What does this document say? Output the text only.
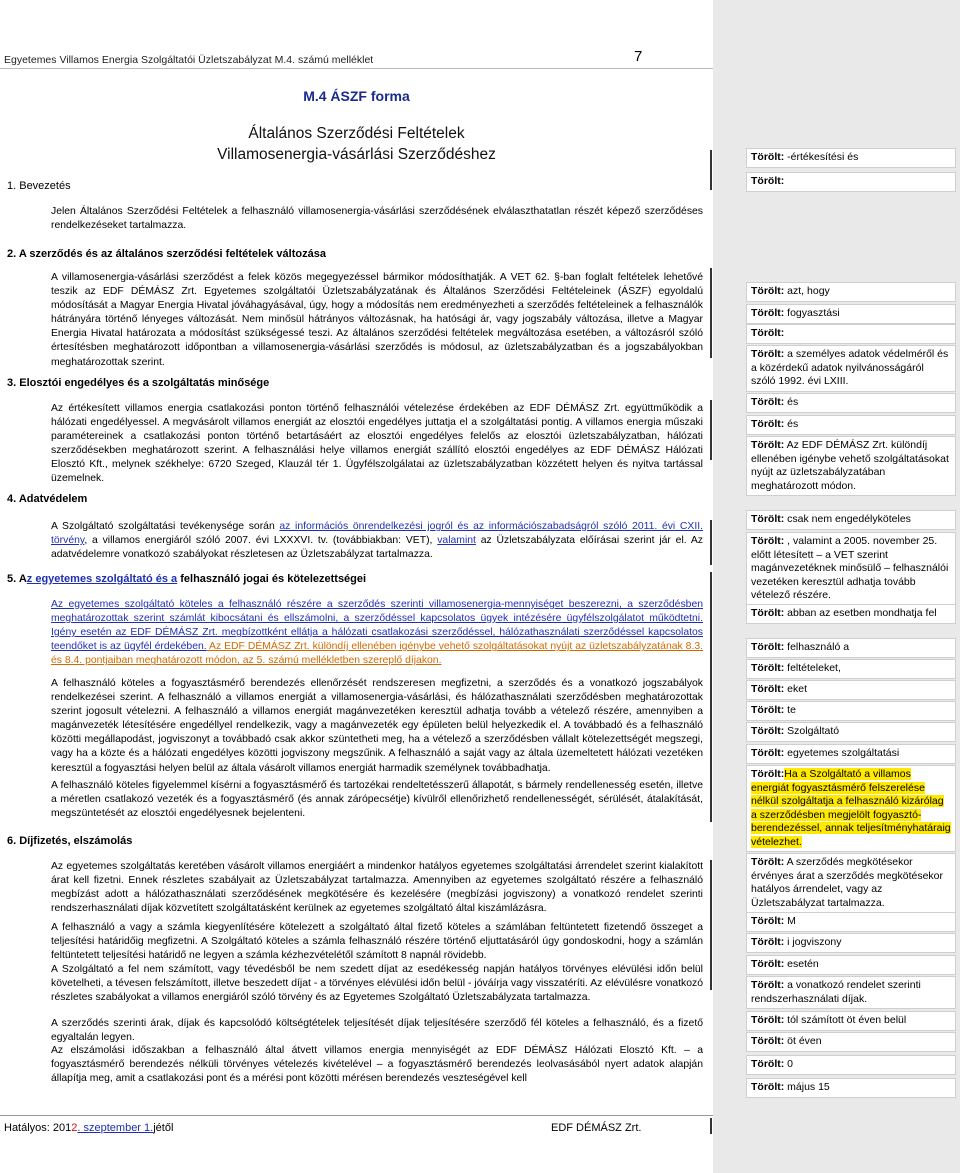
Egyetemes Villamos Energia Szolgáltatói Üzletszabályzat M.4. számú melléklet	7
M.4 ÁSZF forma
Általános Szerződési Feltételek
Villamosenergia-vásárlási Szerződéshez
1. Bevezetés
Jelen Általános Szerződési Feltételek a felhasználó villamosenergia-vásárlási szerződésének elválaszthatatlan részét képező szerződéses rendelkezéseket tartalmazza.
2. A szerződés és az általános szerződési feltételek változása
A villamosenergia-vásárlási szerződést a felek közös megegyezéssel bármikor módosíthatják. A VET 62. §-ban foglalt feltételek lehetővé teszik az EDF DÉMÁSZ Zrt. Egyetemes szolgáltatói Üzletszabályzatának és Általános Szerződési Feltételeinek (ÁSZF) egyoldalú módosítását a Magyar Energia Hivatal jóváhagyásával, úgy, hogy a módosítás nem eredményezheti a szerződés feltételeinek a felhasználók hátrányára történő lényeges változását. Nem minősül hátrányos változásnak, ha hatósági ár, vagy jogszabály változása, illetve a Magyar Energia Hivatal határozata a módosítást szükségessé teszi. Az általános szerződési feltételek megváltozása esetében, a változásról szóló értesítésben meghatározott időpontban a villamosenergia-vásárlási szerződés is módosul, az üzletszabályzatban és a jogszabályokban meghatározottak szerint.
3. Elosztói engedélyes és a szolgáltatás minősége
Az értékesített villamos energia csatlakozási ponton történő felhasználói vételezése érdekében az EDF DÉMÁSZ Zrt. együttműködik a hálózati engedélyessel. A megvásárolt villamos energiát az elosztói engedélyes juttatja el a szolgáltatási pontig. A villamos energia műszaki paramétereinek a csatlakozási ponton történő betartásáért az elosztói engedélyes felelős az elosztói üzletszabályzatban, hálózati szerződésekben meghatározott szerint. A felhasználási helye villamos energiát szállító elosztói engedélyes az EDF DÉMÁSZ Hálózati Elosztó Kft., melynek székhelye: 6720 Szeged, Klauzál tér 1. Ügyfélszolgálatai az üzletszabályzatban közzétett helyen és nyitva tartással üzemelnek.
4. Adatvédelem
A Szolgáltató szolgáltatási tevékenysége során az információs önrendelkezési jogról és az információszabadságról szóló 2011. évi CXII. törvény, a villamos energiáról szóló 2007. évi LXXXVI. tv. (továbbiakban: VET), valamint az Üzletszabályzata előírásai szerint jár el. Az adatvédelemre vonatkozó szabályokat részletesen az Üzletszabályzat tartalmazza.
5. Az egyetemes szolgáltató és a felhasználó jogai és kötelezettségei
Az egyetemes szolgáltató köteles a felhasználó részére a szerződés szerinti villamosenergia-mennyiséget beszerezni, a szerződésben meghatározottak szerint számlát kibocsátani és ellszámolni, a szerződéssel kapcsolatos ügyek intézésére ügyfélszolgálatot működtetni. Igény esetén az EDF DÉMÁSZ Zrt. megbízottként ellátja a hálózati csatlakozási szerződéssel, hálózathasználati szerződéssel kapcsolatos teendőket is az ügyfél érdekében. Az EDF DÉMÁSZ Zrt. különdíj ellenében igénybe vehető szolgáltatásokat nyújt az üzletszabályzatának 8.3. és 8.4. pontjaiban meghatározott módon, az 5. számú mellékletben szereplő díjakon.
A felhasználó köteles a fogyasztásmérő berendezés ellenőrzését rendszeresen megfizetni, a szerződés és a vonatkozó jogszabályok rendelkezései szerint. A felhasználó a villamos energiát a villamosenergia-vásárlási, és hálózathasználati szerződésben meghatározottak szerint jogosult vételezni. A felhasználó a villamos energiát magánvezetéken keresztül adhatja tovább a vételező részére, amennyiben a magánvezeték létesítésére engedéllyel rendelkezik, vagy a magánvezeték egy épületen belül helyezkedik el. A továbbadó és a felhasználó közötti megállapodást, jogviszonyt a továbbadó csak akkor szüntetheti meg, ha a vételező a szerződésben vállalt kötelezettségét megszegi, vagy ha a közte és a hálózati engedélyes közötti jogviszony megszűnik. A felhasználó a saját vagy az általa üzemeltetett hálózati vezetéken keresztül a fogyasztási helyen belül az általa vásárolt villamos energiát harmadik személynek továbbadhatja.
A felhasználó köteles figyelemmel kísérni a fogyasztásmérő és tartozékai rendeltetésszerű állapotát, s bármely rendellenesség esetén, illetve a méretlen csatlakozó vezeték és a fogyasztásmérő (és annak zárópecsétje) kívülről ellenőrizhető rendellenességét, sérülését, átalakítását, megszüntetését az elosztói engedélyesnek bejelenteni.
6. Díjfizetés, elszámolás
Az egyetemes szolgáltatás keretében vásárolt villamos energiáért a mindenkor hatályos egyetemes szolgáltatási árrendelet szerint kialakított árat kell fizetni. Ennek részletes szabályait az Üzletszabályzat tartalmazza. Amennyiben az egyetemes szolgáltató részére a felhasználó megbízást adott a hálózathasználati szerződésének megkötésére és kezelésére (megbízási jogviszony) a vonatkozó rendelet szerinti rendszerhasználati díjak közvetített szolgáltatásként kerülnek az egyetemes szolgáltató által kiszámlázásra.
A felhasználó a vagy a számla kiegyenlítésére kötelezett a szolgáltató által fizető köteles a számlában feltüntetett fizetendő összeget a teljesítési határidőig megfizetni. A Szolgáltató köteles a számla felhasználó részére történő eljuttatásáról úgy gondoskodni, hogy a számlán feltüntetett teljesítési határidő ne legyen a számla kézhezvételétől számított 8 napnál rövidebb.
A Szolgáltató a fel nem számított, vagy tévedésből be nem szedett díjat az esedékesség napján hatályos törvényes elévülési időn belül követelheti, a tévesen felszámított, illetve beszedett díjat - a törvényes elévülési időn belül - jóváírja vagy visszatéríti. Az elévülésre vonatkozó részletes szabályokat a villamos energiáról szóló törvény és az Egyetemes Szolgáltató Üzletszabályzata tartalmazza.
A szerződés szerinti árak, díjak és kapcsolódó költségtételek teljesítését díjak teljesítésére szerződő fél köteles a felhasználó, és a fizető egyaltalán legyen.
Az elszámolási időszakban a felhasználó által átvett villamos energia mennyiségét az EDF DÉMÁSZ Hálózati Elosztó Kft. – a fogyasztásmérő berendezés nélküli törvényes vételezés kivételével – a fogyasztásmérő berendezés leolvasásából nyert adatok alapján állapítja meg, amit a csatlakozási pont és a mérési pont közötti mérésen berendezés veszteségével kell
Hatályos: 2012. szeptember 1.jétől	EDF DÉMÁSZ Zrt.
Törölt: -értékesítési és
Törölt:
Törölt: azt, hogy
Törölt: fogyasztási
Törölt:
Törölt: a személyes adatok védelméről és a közérdekű adatok nyilvánosságáról szóló 1992. évi LXIII.
Törölt: és
Törölt: és
Törölt: Az EDF DÉMÁSZ Zrt. különdíj ellenében igénybe vehető szolgáltatásokat nyújt az üzletszabályzatában meghatározott módon.
Törölt: csak nem engedélyköteles
Törölt: , valamint a 2005. november 25. előtt létesített – a VET szerint magánvezetéknek minősülő – felhasználói vezetéken keresztül adhatja tovább vételező részére.
Törölt: abban az esetben mondhatja fel
Törölt: felhasználó a
Törölt: feltételeket,
Törölt: eket
Törölt: te
Törölt: Szolgáltató
Törölt: egyetemes szolgáltatási
Törölt:Ha a Szolgáltató a villamos energiát fogyasztásmérő felszerelése nélkül szolgáltatja a felhasználó kizárólag a szerződésben megjelölt fogyasztó-berendezéssel, annak teljesítményhatáraig vételezhet.
Törölt: A szerződés megkötésekor érvényes árat a szerződés megkötésekor hatályos árrendelet, vagy az Üzletszabályzat tartalmazza.
Törölt: M
Törölt: i jogviszony
Törölt: esetén
Törölt: a vonatkozó rendelet szerinti rendszerhasználati díjak.
Törölt: tól számított öt éven belül
Törölt: öt éven
Törölt: 0
Törölt: május 15
